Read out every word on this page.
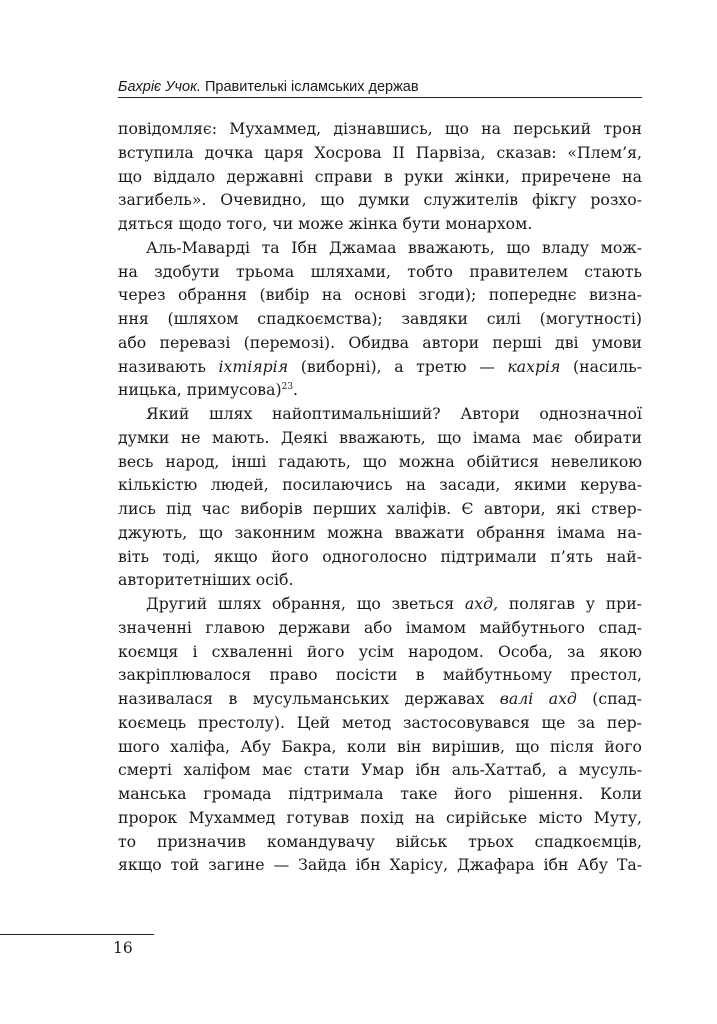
Бахріє Учок. Правителькі ісламських держав
повідомляє: Мухаммед, дізнавшись, що на перський трон
вступила дочка царя Хосрова ІІ Парвіза, сказав: «Плем’я,
що віддало державні справи в руки жінки, приречене на
загибель». Очевидно, що думки служителів фікгу розхо-
дяться щодо того, чи може жінка бути монархом.
Аль-Маварді та Ібн Джамаа вважають, що владу мож-
на здобути трьома шляхами, тобто правителем стають
через обрання (вибір на основі згоди); попереднє визна-
ння (шляхом спадкоємства); завдяки силі (могутності)
або перевазі (перемозі). Обидва автори перші дві умови
називають іхтіярія (виборні), а третю — кахрія (насиль-
ницька, примусова)$^{23}$.
Який шлях найоптимальніший? Автори однозначної
думки не мають. Деякі вважають, що імама має обирати
весь народ, інші гадають, що можна обійтися невеликою
кількістю людей, посилаючись на засади, якими керува-
лись під час виборів перших халіфів. Є автори, які ствер-
джують, що законним можна вважати обрання імама на-
віть тоді, якщо його одноголосно підтримали п’ять най-
авторитетніших осіб.
Другий шлях обрання, що зветься ахд, полягав у при-
значенні главою держави або імамом майбутнього спад-
коємця і схваленні його усім народом. Особа, за якою
закріплювалося право посісти в майбутньому престол,
називалася в мусульманських державах валі ахд (спад-
коємець престолу). Цей метод застосовувався ще за пер-
шого халіфа, Абу Бакра, коли він вирішив, що після його
смерті халіфом має стати Умар ібн аль-Хаттаб, а мусуль-
манська громада підтримала таке його рішення. Коли
пророк Мухаммед готував похід на сирійське місто Муту,
то призначив командувачу військ трьох спадкоємців,
якщо той загине — Зайда ібн Харісу, Джафара ібн Абу Та-
16
